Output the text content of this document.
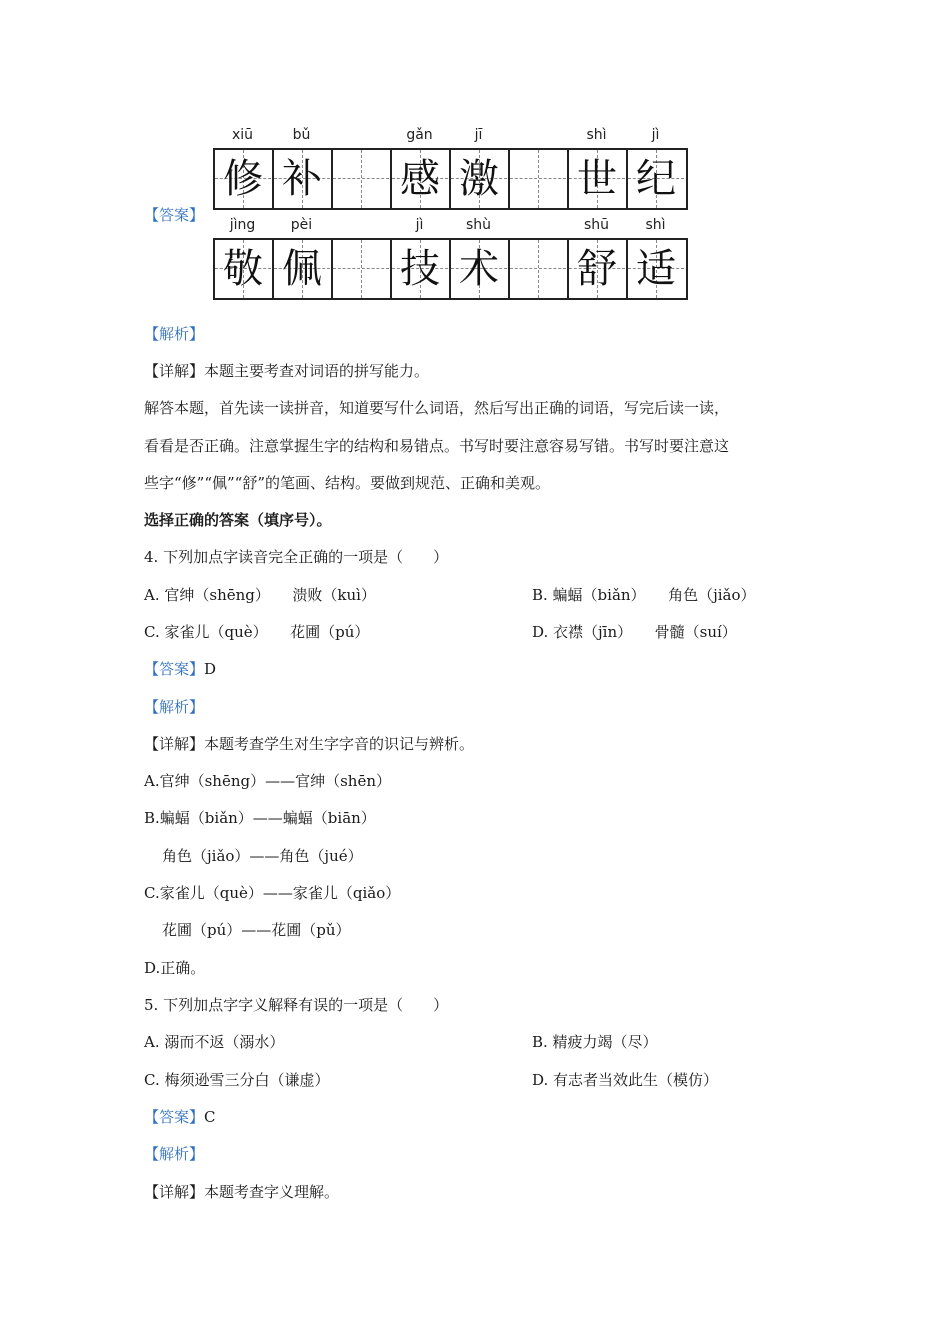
【答案】
xiū	bǔ	gǎn	jī	shì	jì
修 补 感 激 世 纪
jìng	pèi	jì	shù	shū	shì
敬 佩 技 术 舒 适
【解析】
【详解】本题主要考查对词语的拼写能力。
解答本题，首先读一读拼音，知道要写什么词语，然后写出正确的词语，写完后读一读，
看看是否正确。注意掌握生字的结构和易错点。书写时要注意容易写错。书写时要注意这
些字“修”“佩”“舒”的笔画、结构。要做到规范、正确和美观。
选择正确的答案（填序号）。
4. 下列加点字读音完全正确的一项是（　　）
A. 官绅（shēng）　　溃败（kuì）	B. 蝙蝠（biǎn）　　角色（jiǎo）
C. 家雀儿（què）　　花圃（pú）	D. 衣襟（jīn）　　骨髓（suí）
【答案】D
【解析】
【详解】本题考查学生对生字字音的识记与辨析。
A.官绅（shēng）——官绅（shēn）
B.蝙蝠（biǎn）——蝙蝠（biān）
角色（jiǎo）——角色（jué）
C.家雀儿（què）——家雀儿（qiǎo）
花圃（pú）——花圃（pǔ）
D.正确。
5. 下列加点字字义解释有误的一项是（　　）
A. 溺而不返（溺水）	B. 精疲力竭（尽）
C. 梅须逊雪三分白（谦虚）	D. 有志者当效此生（模仿）
【答案】C
【解析】
【详解】本题考查字义理解。
